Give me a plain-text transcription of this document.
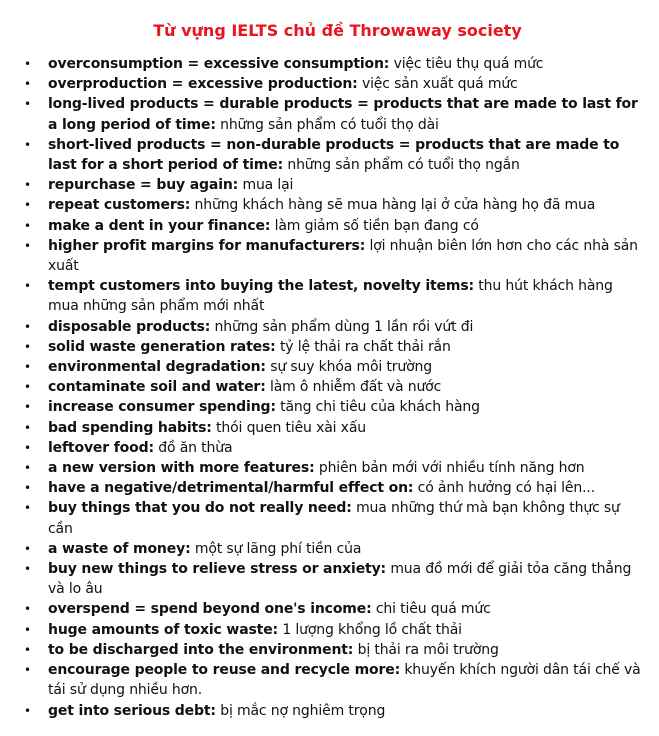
Từ vựng IELTS chủ đề Throwaway society
• overconsumption = excessive consumption: việc tiêu thụ quá mức
• overproduction = excessive production: việc sản xuất quá mức
• long-lived products = durable products = products that are made to last for a long period of time: những sản phẩm có tuổi thọ dài
• short-lived products = non-durable products = products that are made to last for a short period of time: những sản phẩm có tuổi thọ ngắn
• repurchase = buy again: mua lại
• repeat customers: những khách hàng sẽ mua hàng lại ở cửa hàng họ đã mua
• make a dent in your finance: làm giảm số tiền bạn đang có
• higher profit margins for manufacturers: lợi nhuận biên lớn hơn cho các nhà sản xuất
• tempt customers into buying the latest, novelty items: thu hút khách hàng mua những sản phẩm mới nhất
• disposable products: những sản phẩm dùng 1 lần rồi vứt đi
• solid waste generation rates: tỷ lệ thải ra chất thải rắn
• environmental degradation: sự suy khóa môi trường
• contaminate soil and water: làm ô nhiễm đất và nước
• increase consumer spending: tăng chi tiêu của khách hàng
• bad spending habits: thói quen tiêu xài xấu
• leftover food: đồ ăn thừa
• a new version with more features: phiên bản mới với nhiều tính năng hơn
• have a negative/detrimental/harmful effect on: có ảnh hưởng có hại lên...
• buy things that you do not really need: mua những thứ mà bạn không thực sự cần
• a waste of money: một sự lãng phí tiền của
• buy new things to relieve stress or anxiety: mua đồ mới để giải tỏa căng thẳng và lo âu
• overspend = spend beyond one's income: chi tiêu quá mức
• huge amounts of toxic waste: 1 lượng khổng lồ chất thải
• to be discharged into the environment: bị thải ra môi trường
• encourage people to reuse and recycle more: khuyến khích người dân tái chế và tái sử dụng nhiều hơn.
• get into serious debt: bị mắc nợ nghiêm trọng
